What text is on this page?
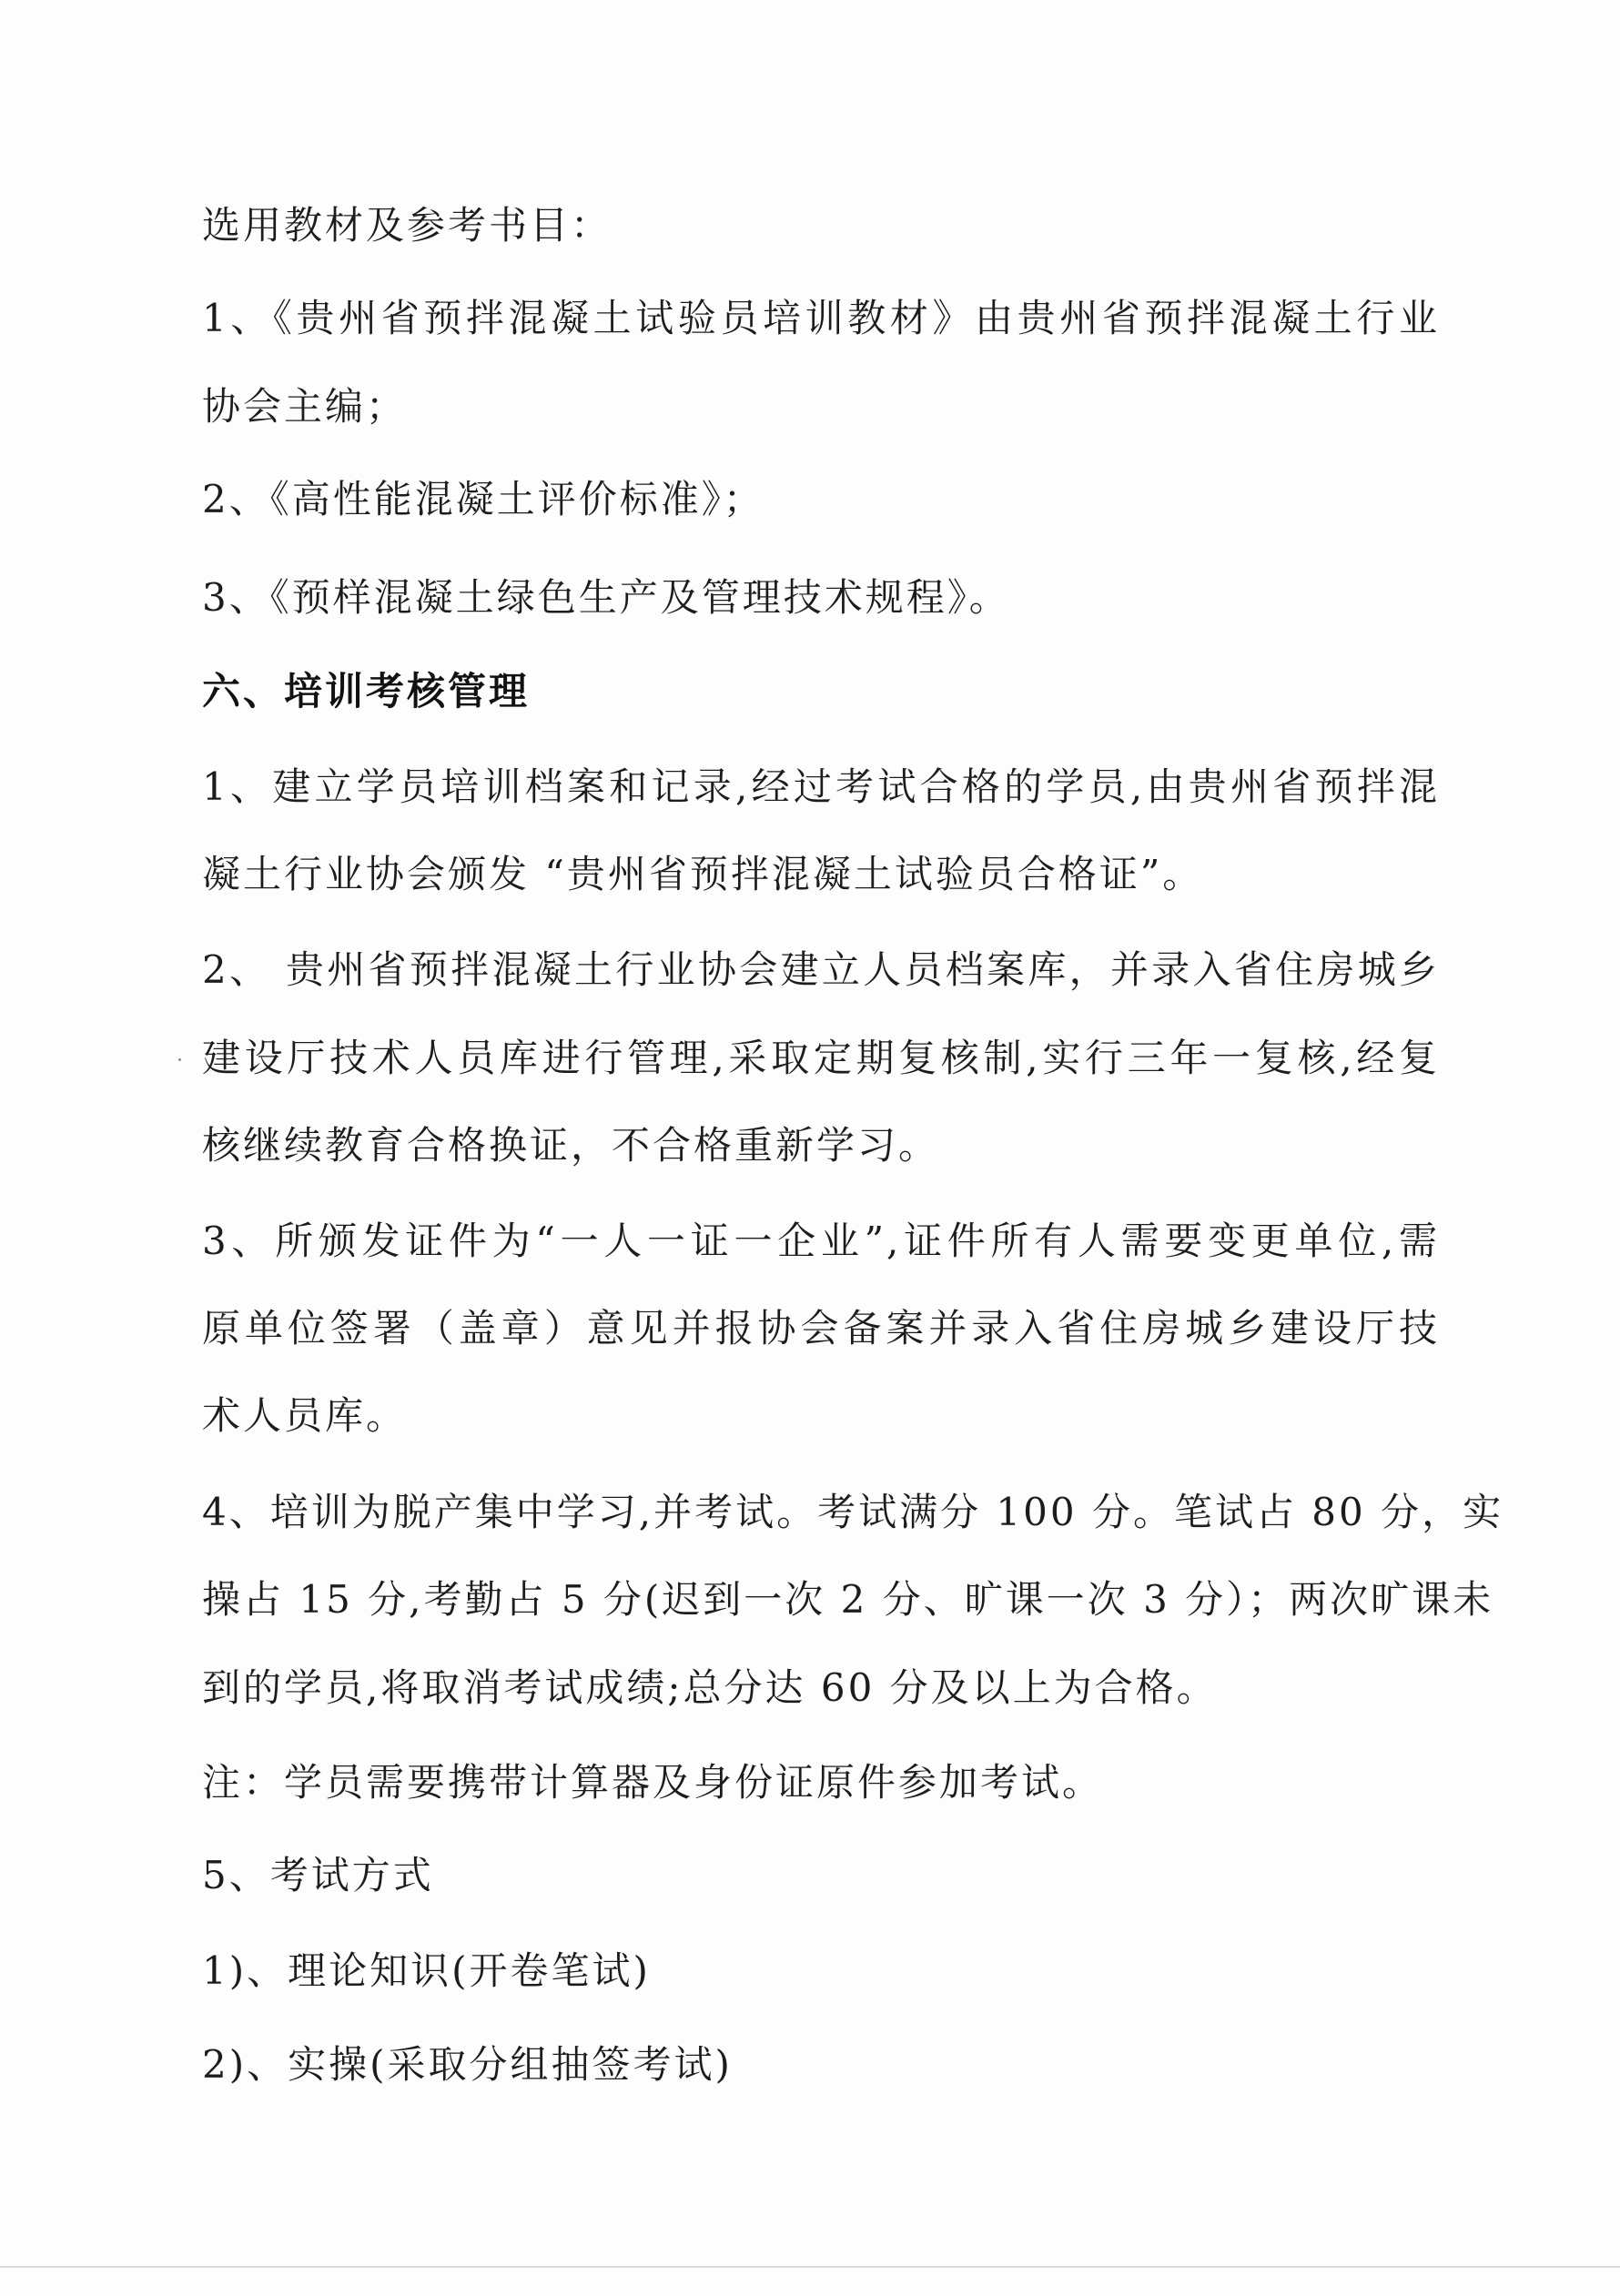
选用教材及参考书目：
1、《贵州省预拌混凝土试验员培训教材》由贵州省预拌混凝土行业
协会主编；
2、《高性能混凝土评价标准》；
3、《预样混凝土绿色生产及管理技术规程》。
六、培训考核管理
1、建立学员培训档案和记录,经过考试合格的学员,由贵州省预拌混
凝土行业协会颁发 “贵州省预拌混凝土试验员合格证”。
2、 贵州省预拌混凝土行业协会建立人员档案库，并录入省住房城乡
建设厅技术人员库进行管理,采取定期复核制,实行三年一复核,经复
核继续教育合格换证，不合格重新学习。
3、所颁发证件为“一人一证一企业”,证件所有人需要变更单位,需
原单位签署（盖章）意见并报协会备案并录入省住房城乡建设厅技
术人员库。
4、培训为脱产集中学习,并考试。考试满分 100 分。笔试占 80 分，实
操占 15 分,考勤占 5 分(迟到一次 2 分、旷课一次 3 分）；两次旷课未
到的学员,将取消考试成绩;总分达 60 分及以上为合格。
注：学员需要携带计算器及身份证原件参加考试。
5、考试方式
1)、理论知识(开卷笔试)
2)、实操(采取分组抽签考试)
